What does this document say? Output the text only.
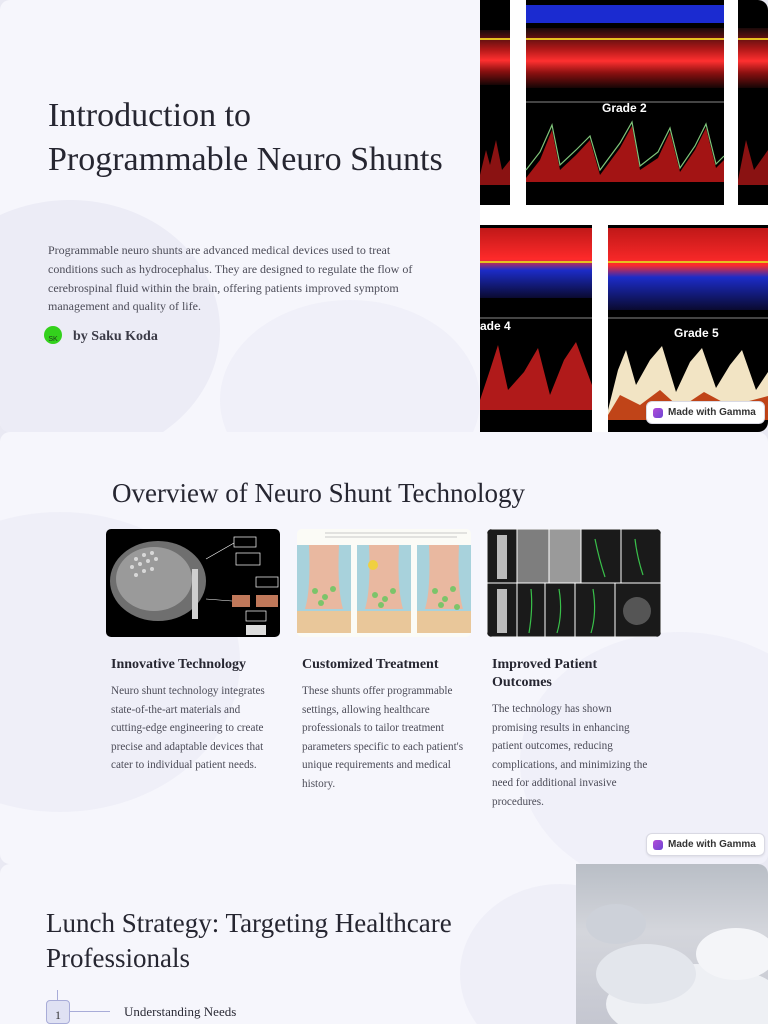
Introduction to Programmable Neuro Shunts

Programmable neuro shunts are advanced medical devices used to treat conditions such as hydrocephalus. They are designed to regulate the flow of cerebrospinal fluid within the brain, offering patients improved symptom management and quality of life.

SK	by Saku Koda
Grade 2
ade 4	Grade 5
Made with Gamma
Overview of Neuro Shunt Technology
Innovative Technology

Neuro shunt technology integrates state-of-the-art materials and cutting-edge engineering to create precise and adaptable devices that cater to individual patient needs.

Customized Treatment

These shunts offer programmable settings, allowing healthcare professionals to tailor treatment parameters specific to each patient's unique requirements and medical history.

Improved Patient Outcomes

The technology has shown promising results in enhancing patient outcomes, reducing complications, and minimizing the need for additional invasive procedures.

Made with Gamma
Lunch Strategy: Targeting Healthcare Professionals
1	Understanding Needs
